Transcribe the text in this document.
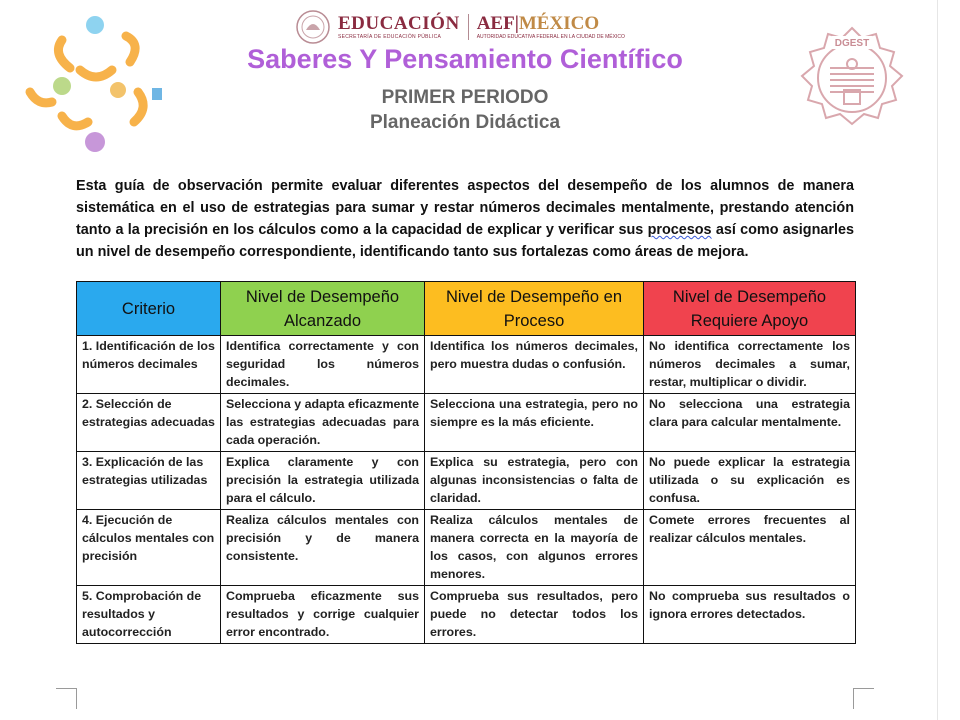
EDUCACIÓN
SECRETARÍA DE EDUCACIÓN PÚBLICA
AEF|MÉXICO
AUTORIDAD EDUCATIVA FEDERAL EN LA CIUDAD DE MÉXICO
DGEST
Saberes Y Pensamiento Científico
PRIMER PERIODO
Planeación Didáctica

Esta guía de observación permite evaluar diferentes aspectos del desempeño de los alumnos de manera sistemática en el uso de estrategias para sumar y restar números decimales mentalmente, prestando atención tanto a la precisión en los cálculos como a la capacidad de explicar y verificar sus procesos así como asignarles un nivel de desempeño correspondiente, identificando tanto sus fortalezas como áreas de mejora.

Criterio	Nivel de Desempeño Alcanzado	Nivel de Desempeño en Proceso	Nivel de Desempeño Requiere Apoyo
1. Identificación de los números decimales	Identifica correctamente y con seguridad los números decimales.	Identifica los números decimales, pero muestra dudas o confusión.	No identifica correctamente los números decimales a sumar, restar, multiplicar o dividir.
2. Selección de estrategias adecuadas	Selecciona y adapta eficazmente las estrategias adecuadas para cada operación.	Selecciona una estrategia, pero no siempre es la más eficiente.	No selecciona una estrategia clara para calcular mentalmente.
3. Explicación de las estrategias utilizadas	Explica claramente y con precisión la estrategia utilizada para el cálculo.	Explica su estrategia, pero con algunas inconsistencias o falta de claridad.	No puede explicar la estrategia utilizada o su explicación es confusa.
4. Ejecución de cálculos mentales con precisión	Realiza cálculos mentales con precisión y de manera consistente.	Realiza cálculos mentales de manera correcta en la mayoría de los casos, con algunos errores menores.	Comete errores frecuentes al realizar cálculos mentales.
5. Comprobación de resultados y autocorrección	Comprueba eficazmente sus resultados y corrige cualquier error encontrado.	Comprueba sus resultados, pero puede no detectar todos los errores.	No comprueba sus resultados o ignora errores detectados.
